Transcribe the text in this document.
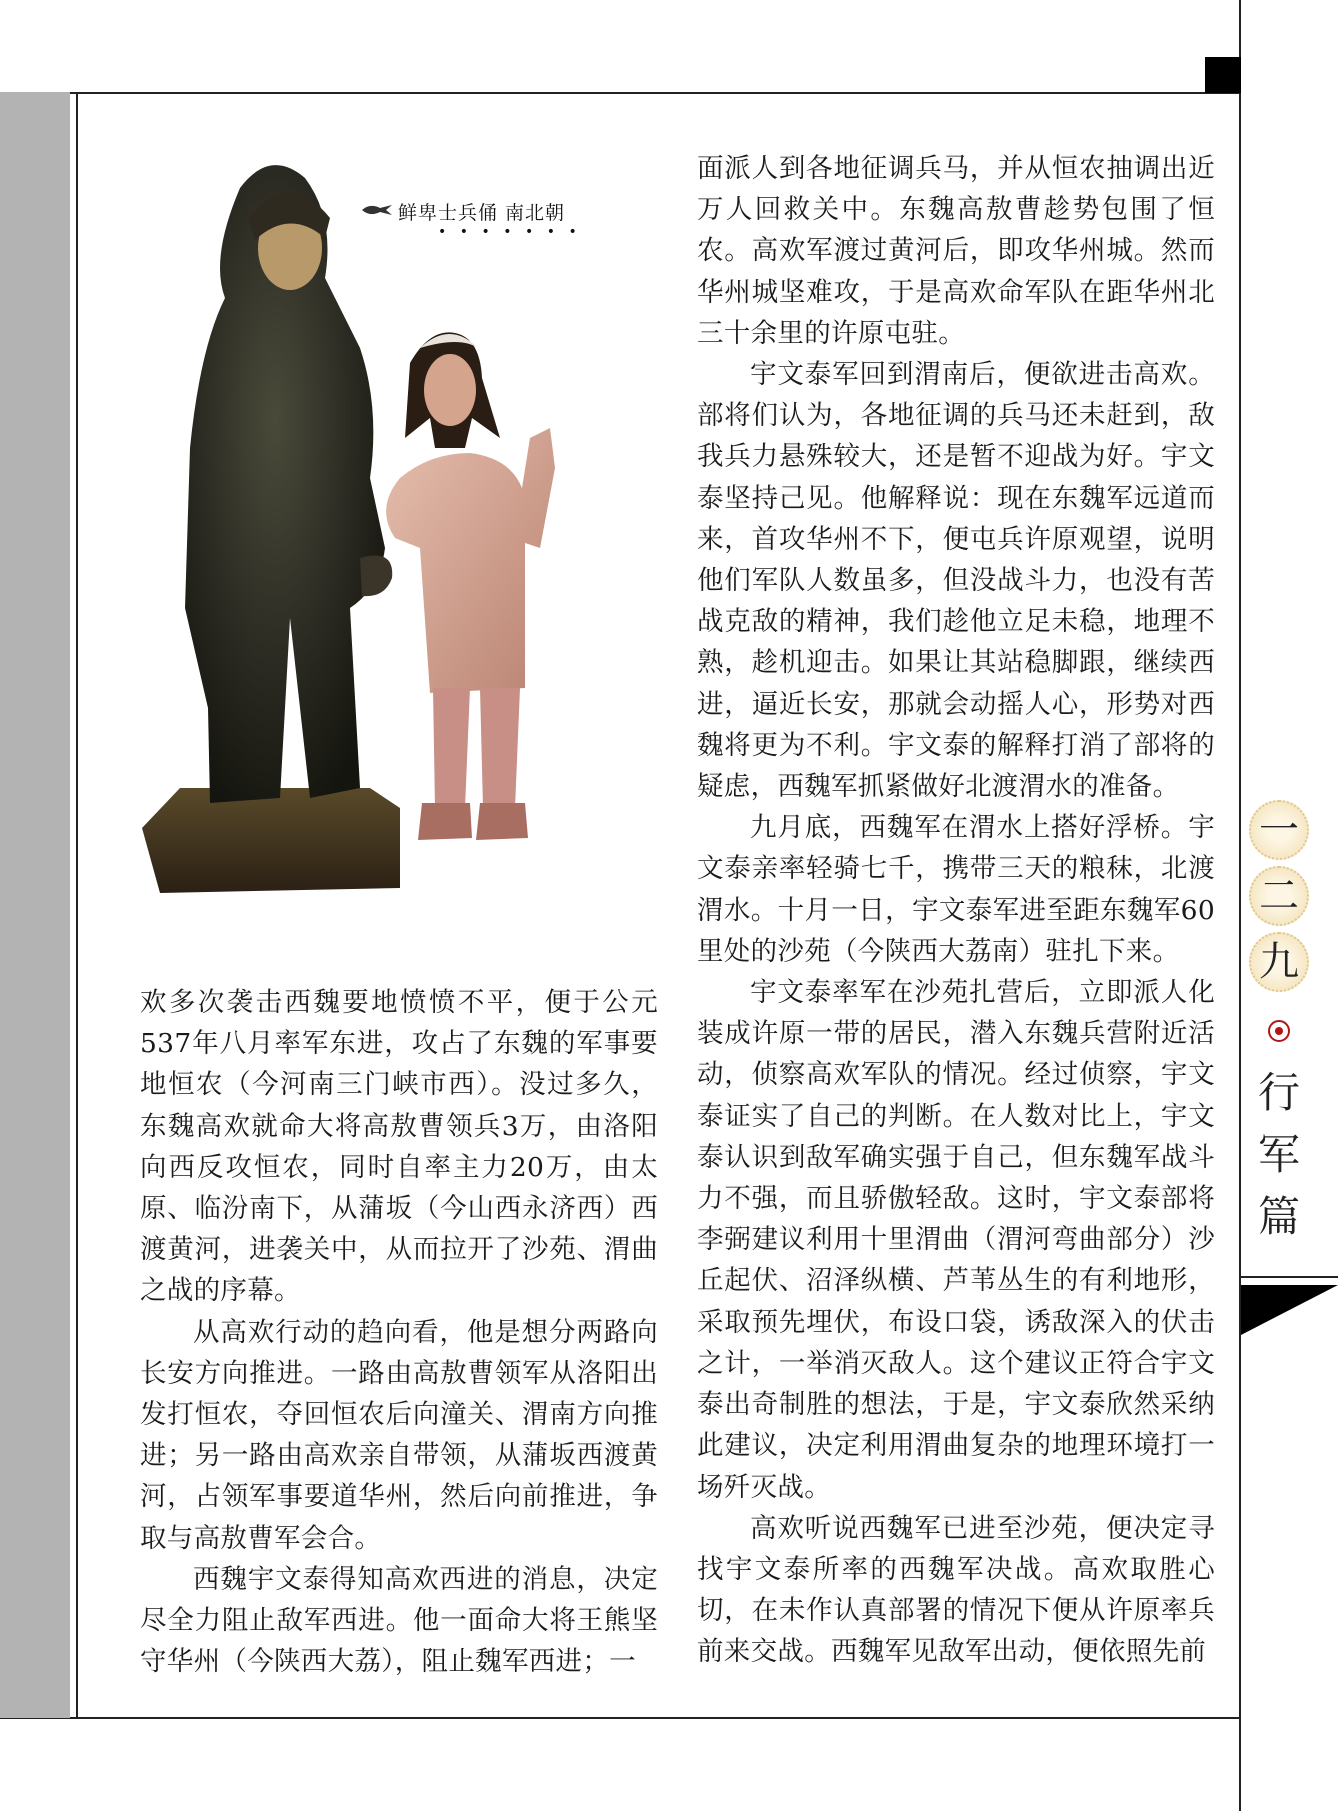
鲜卑士兵俑 南北朝
•••••••

面派人到各地征调兵马，并从恒农抽调出近万人回救关中。东魏高敖曹趁势包围了恒农。高欢军渡过黄河后，即攻华州城。然而华州城坚难攻，于是高欢命军队在距华州北三十余里的许原屯驻。

宇文泰军回到渭南后，便欲进击高欢。部将们认为，各地征调的兵马还未赶到，敌我兵力悬殊较大，还是暂不迎战为好。宇文泰坚持己见。他解释说：现在东魏军远道而来，首攻华州不下，便屯兵许原观望，说明他们军队人数虽多，但没战斗力，也没有苦战克敌的精神，我们趁他立足未稳，地理不熟，趁机迎击。如果让其站稳脚跟，继续西进，逼近长安，那就会动摇人心，形势对西魏将更为不利。宇文泰的解释打消了部将的疑虑，西魏军抓紧做好北渡渭水的准备。

九月底，西魏军在渭水上搭好浮桥。宇文泰亲率轻骑七千，携带三天的粮秣，北渡渭水。十月一日，宇文泰军进至距东魏军60里处的沙苑（今陕西大荔南）驻扎下来。

宇文泰率军在沙苑扎营后，立即派人化装成许原一带的居民，潜入东魏兵营附近活动，侦察高欢军队的情况。经过侦察，宇文泰证实了自己的判断。在人数对比上，宇文泰认识到敌军确实强于自己，但东魏军战斗力不强，而且骄傲轻敌。这时，宇文泰部将李弼建议利用十里渭曲（渭河弯曲部分）沙丘起伏、沼泽纵横、芦苇丛生的有利地形，采取预先埋伏，布设口袋，诱敌深入的伏击之计，一举消灭敌人。这个建议正符合宇文泰出奇制胜的想法，于是，宇文泰欣然采纳此建议，决定利用渭曲复杂的地理环境打一场歼灭战。

高欢听说西魏军已进至沙苑，便决定寻找宇文泰所率的西魏军决战。高欢取胜心切，在未作认真部署的情况下便从许原率兵前来交战。西魏军见敌军出动，便依照先前

欢多次袭击西魏要地愤愤不平，便于公元537年八月率军东进，攻占了东魏的军事要地恒农（今河南三门峡市西）。没过多久，东魏高欢就命大将高敖曹领兵3万，由洛阳向西反攻恒农，同时自率主力20万，由太原、临汾南下，从蒲坂（今山西永济西）西渡黄河，进袭关中，从而拉开了沙苑、渭曲之战的序幕。

从高欢行动的趋向看，他是想分两路向长安方向推进。一路由高敖曹领军从洛阳出发打恒农，夺回恒农后向潼关、渭南方向推进；另一路由高欢亲自带领，从蒲坂西渡黄河，占领军事要道华州，然后向前推进，争取与高敖曹军会合。

西魏宇文泰得知高欢西进的消息，决定尽全力阻止敌军西进。他一面命大将王熊坚守华州（今陕西大荔），阻止魏军西进；一

一
二
九
行
军
篇
